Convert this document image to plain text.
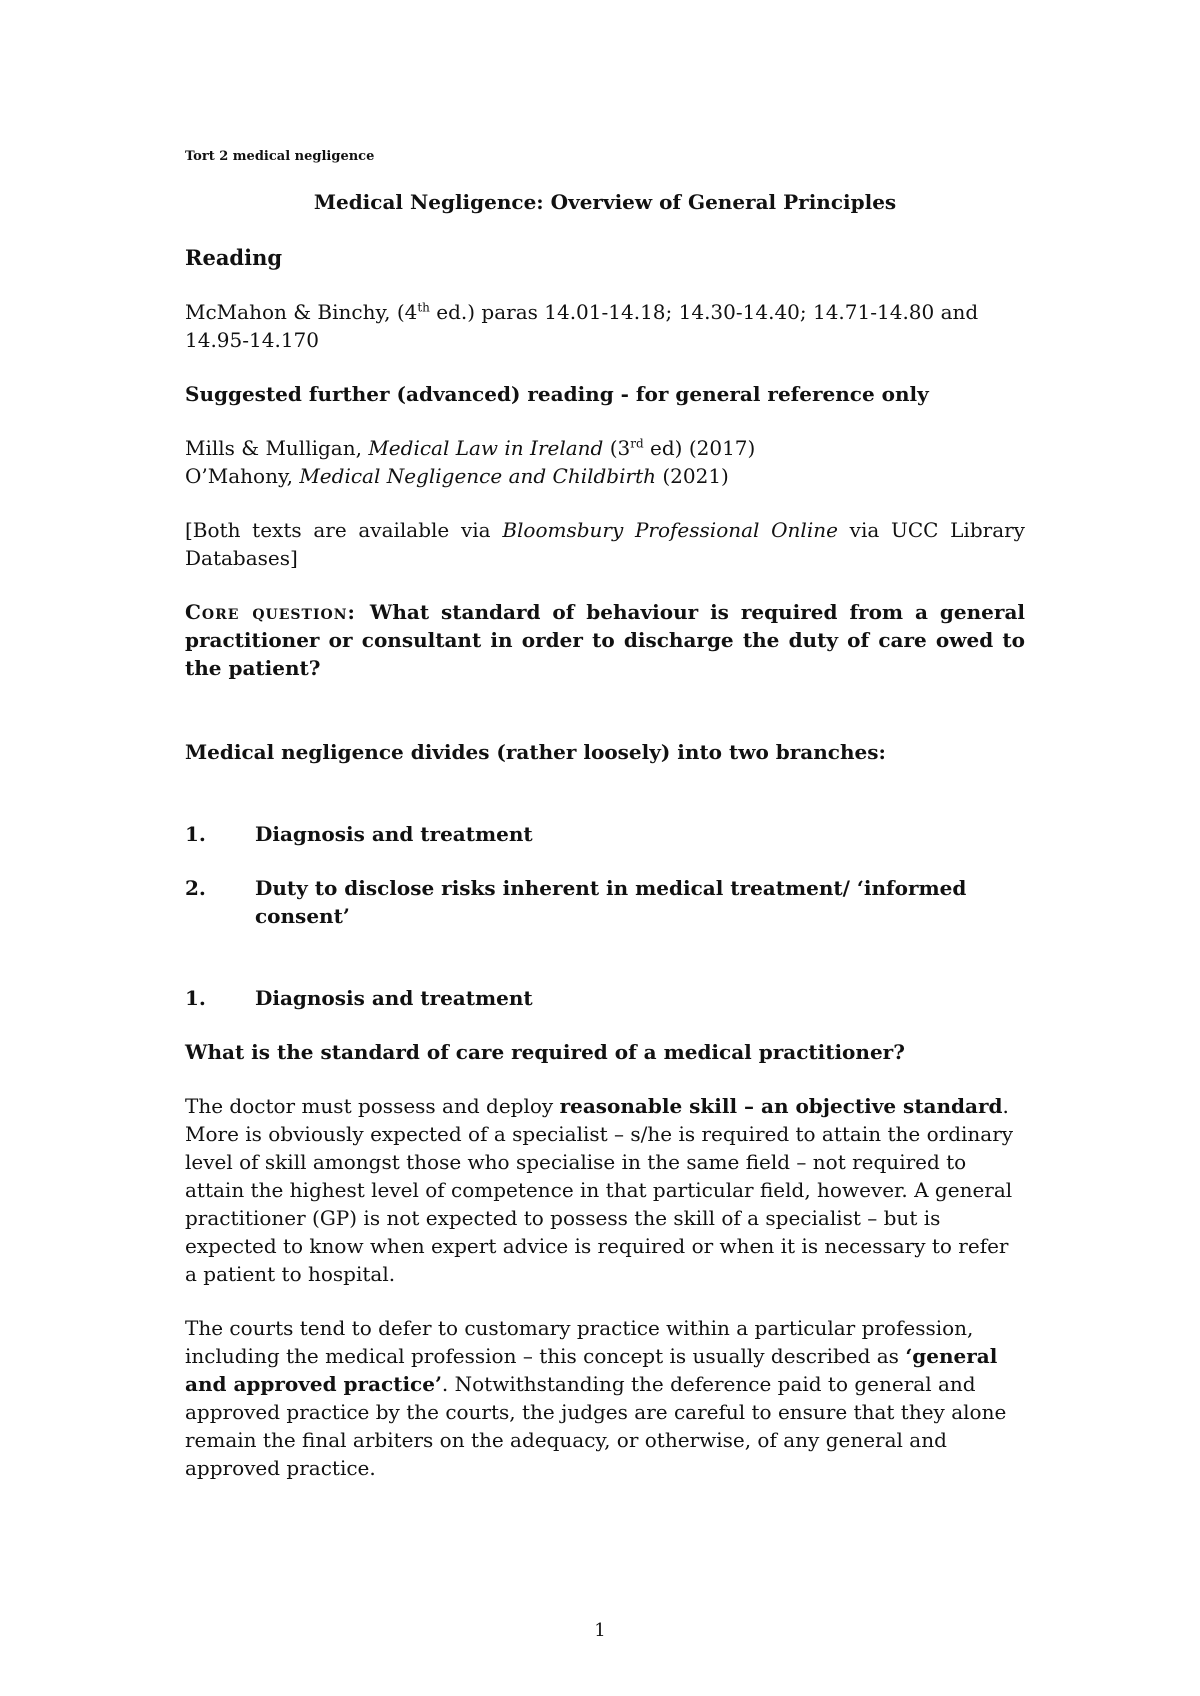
Tort 2 medical negligence
Medical Negligence: Overview of General Principles
Reading

McMahon & Binchy, (4th ed.) paras 14.01-14.18; 14.30-14.40; 14.71-14.80 and 14.95-14.170

Suggested further (advanced) reading - for general reference only

Mills & Mulligan, Medical Law in Ireland (3rd ed) (2017)
O’Mahony, Medical Negligence and Childbirth (2021)

[Both texts are available via Bloomsbury Professional Online via UCC Library Databases]

Core question: What standard of behaviour is required from a general practitioner or consultant in order to discharge the duty of care owed to the patient?

Medical negligence divides (rather loosely) into two branches:

1.	Diagnosis and treatment
2.	Duty to disclose risks inherent in medical treatment/ ‘informed consent’
1.	Diagnosis and treatment
What is the standard of care required of a medical practitioner?

The doctor must possess and deploy reasonable skill – an objective standard. More is obviously expected of a specialist – s/he is required to attain the ordinary level of skill amongst those who specialise in the same field – not required to attain the highest level of competence in that particular field, however. A general practitioner (GP) is not expected to possess the skill of a specialist – but is expected to know when expert advice is required or when it is necessary to refer a patient to hospital.

The courts tend to defer to customary practice within a particular profession, including the medical profession – this concept is usually described as ‘general and approved practice’. Notwithstanding the deference paid to general and approved practice by the courts, the judges are careful to ensure that they alone remain the final arbiters on the adequacy, or otherwise, of any general and approved practice.

1
